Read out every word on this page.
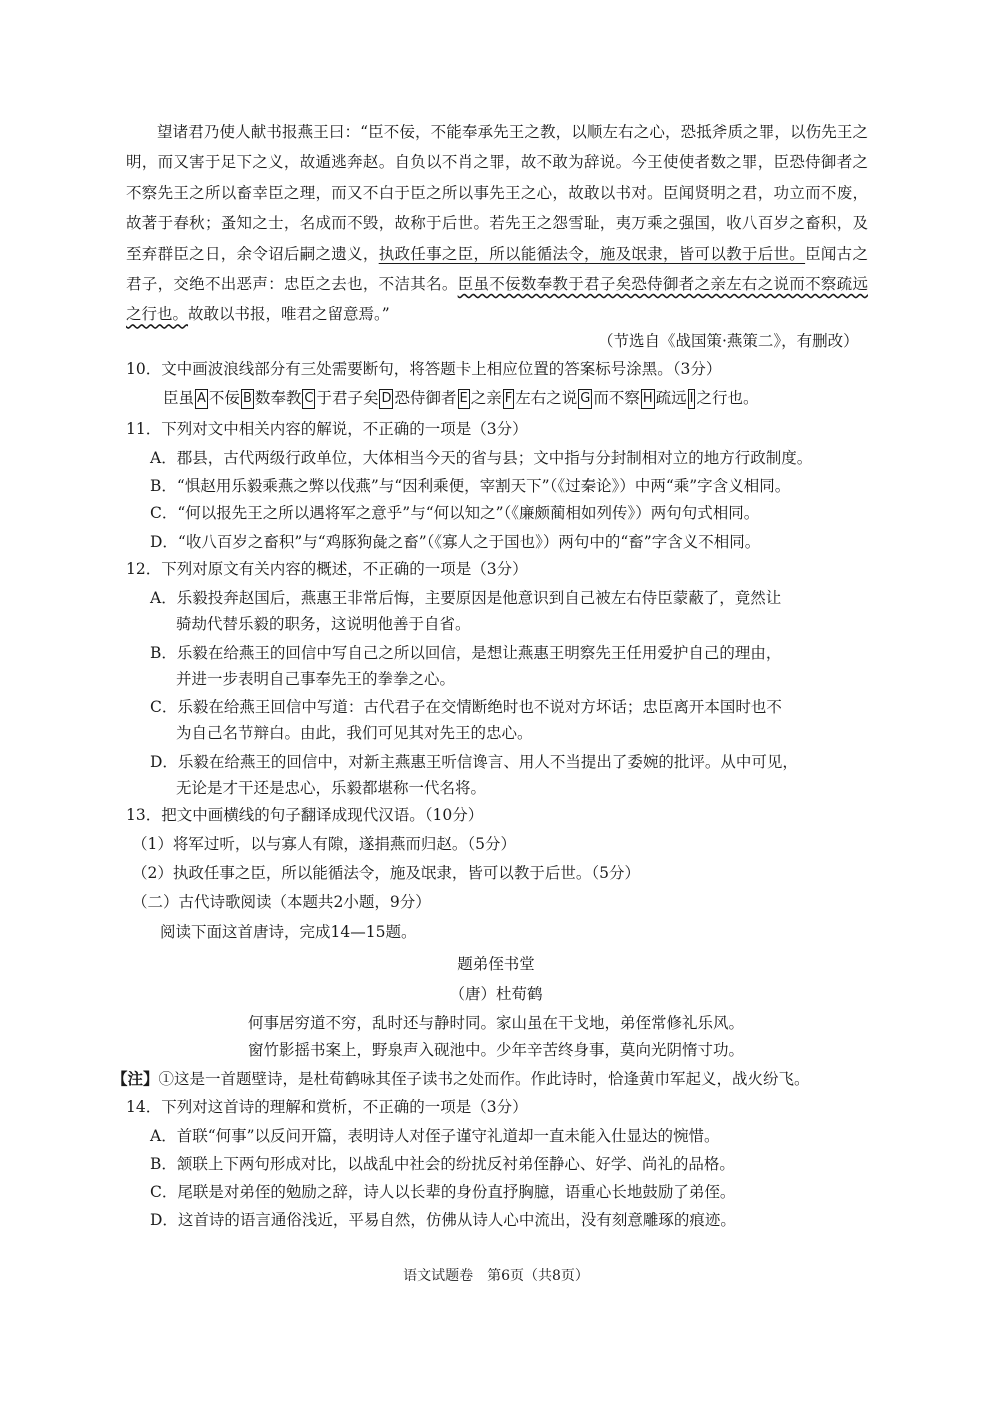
望诸君乃使人献书报燕王曰：“臣不佞，不能奉承先王之教，以顺左右之心，恐抵斧质之罪，以伤先王之明，而又害于足下之义，故遁逃奔赵。自负以不肖之罪，故不敢为辞说。今王使使者数之罪，臣恐侍御者之不察先王之所以畜幸臣之理，而又不白于臣之所以事先王之心，故敢以书对。臣闻贤明之君，功立而不废，故著于春秋；蚤知之士，名成而不毁，故称于后世。若先王之怨雪耻，夷万乘之强国，收八百岁之畜积，及至弃群臣之日，余令诏后嗣之遗义，执政任事之臣，所以能循法令，施及氓隶，皆可以教于后世。臣闻古之君子，交绝不出恶声：忠臣之去也，不洁其名。臣虽不佞数奉教于君子矣恐侍御者之亲左右之说而不察疏远之行也。故敢以书报，唯君之留意焉。”

（节选自《战国策·燕策二》，有删改）
10．文中画波浪线部分有三处需要断句，将答题卡上相应位置的答案标号涂黑。（3分）
臣虽 A 不佞 B 数奉教 C 于君子矣 D 恐侍御者 E 之亲 F 左右之说 G 而不察 H 疏远 I 之行也。
11．下列对文中相关内容的解说，不正确的一项是（3分）
A．郡县，古代两级行政单位，大体相当今天的省与县；文中指与分封制相对立的地方行政制度。
B．“惧赵用乐毅乘燕之弊以伐燕”与“因利乘便，宰割天下”（《过秦论》）中两“乘”字含义相同。
C．“何以报先王之所以遇将军之意乎”与“何以知之”（《廉颇蔺相如列传》）两句句式相同。
D．“收八百岁之畜积”与“鸡豚狗彘之畜”（《寡人之于国也》）两句中的“畜”字含义不相同。
12．下列对原文有关内容的概述，不正确的一项是（3分）
A．乐毅投奔赵国后，燕惠王非常后悔，主要原因是他意识到自己被左右侍臣蒙蔽了，竟然让
骑劫代替乐毅的职务，这说明他善于自省。
B．乐毅在给燕王的回信中写自己之所以回信，是想让燕惠王明察先王任用爱护自己的理由，
并进一步表明自己事奉先王的拳拳之心。
C．乐毅在给燕王回信中写道：古代君子在交情断绝时也不说对方坏话；忠臣离开本国时也不
为自己名节辩白。由此，我们可见其对先王的忠心。
D．乐毅在给燕王的回信中，对新主燕惠王听信谗言、用人不当提出了委婉的批评。从中可见，
无论是才干还是忠心，乐毅都堪称一代名将。
13．把文中画横线的句子翻译成现代汉语。（10分）
（1）将军过听，以与寡人有隙，遂捐燕而归赵。（5分）
（2）执政任事之臣，所以能循法令，施及氓隶，皆可以教于后世。（5分）
（二）古代诗歌阅读（本题共2小题，9分）
阅读下面这首唐诗，完成14—15题。
题弟侄书堂
（唐）杜荀鹤
何事居穷道不穷，乱时还与静时同。家山虽在干戈地，弟侄常修礼乐风。
窗竹影摇书案上，野泉声入砚池中。少年辛苦终身事，莫向光阴惰寸功。
【注】①这是一首题壁诗，是杜荀鹤咏其侄子读书之处而作。作此诗时，恰逢黄巾军起义，战火纷飞。
14．下列对这首诗的理解和赏析，不正确的一项是（3分）
A．首联“何事”以反问开篇，表明诗人对侄子谨守礼道却一直未能入仕显达的惋惜。
B．颔联上下两句形成对比，以战乱中社会的纷扰反衬弟侄静心、好学、尚礼的品格。
C．尾联是对弟侄的勉励之辞，诗人以长辈的身份直抒胸臆，语重心长地鼓励了弟侄。
D．这首诗的语言通俗浅近，平易自然，仿佛从诗人心中流出，没有刻意雕琢的痕迹。
语文试题卷　第6页（共8页）
